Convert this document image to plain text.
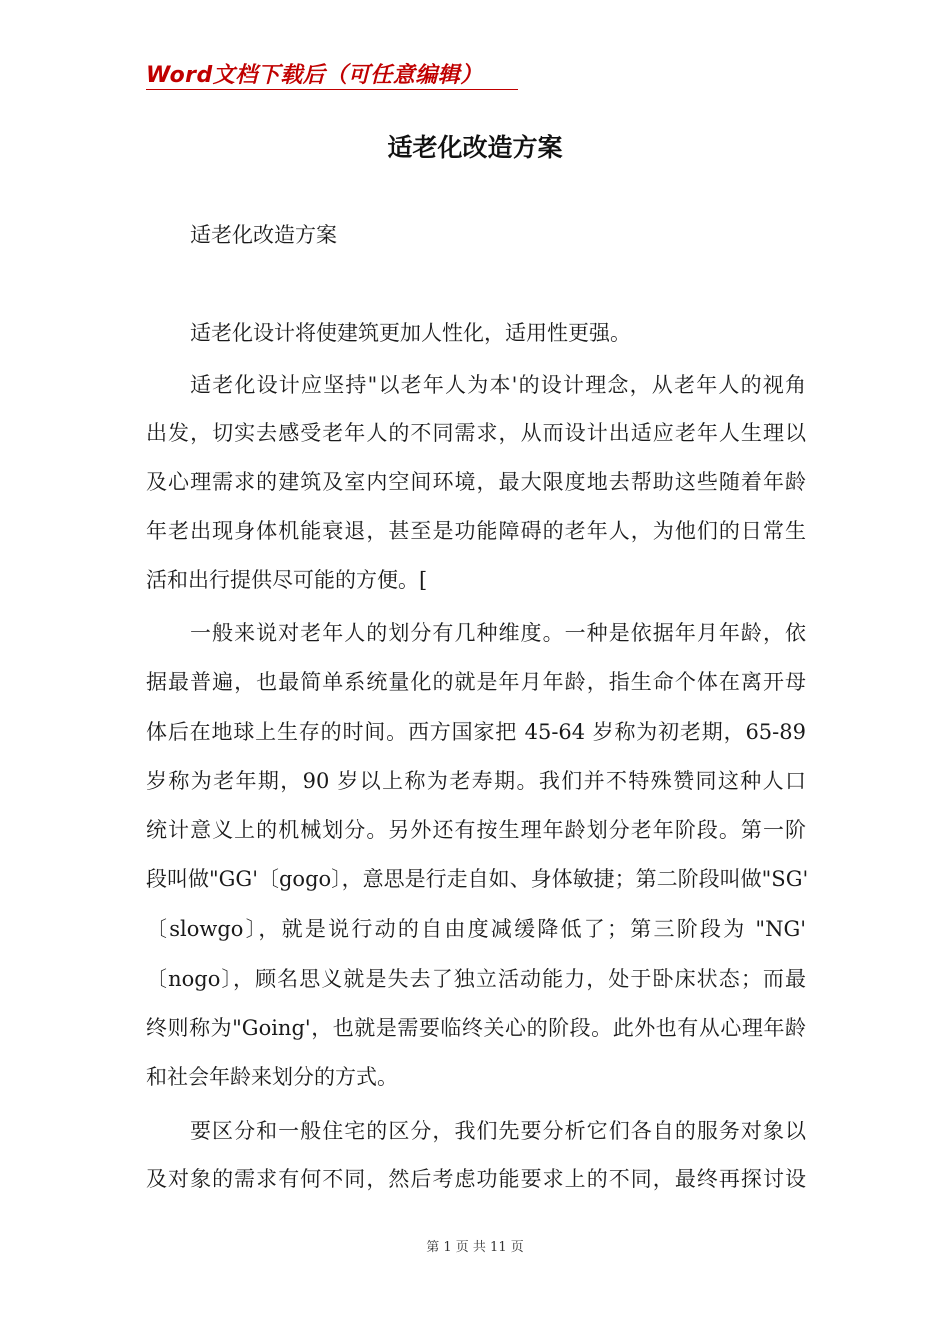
Word文档下载后（可任意编辑）
适老化改造方案
适老化改造方案
适老化设计将使建筑更加人性化，适用性更强。
适老化设计应坚持"以老年人为本'的设计理念，从老年人的视角
出发，切实去感受老年人的不同需求，从而设计出适应老年人生理以
及心理需求的建筑及室内空间环境，最大限度地去帮助这些随着年龄
年老出现身体机能衰退，甚至是功能障碍的老年人，为他们的日常生
活和出行提供尽可能的方便。[
一般来说对老年人的划分有几种维度。一种是依据年月年龄，依
据最普遍，也最简单系统量化的就是年月年龄，指生命个体在离开母
体后在地球上生存的时间。西方国家把 45-64 岁称为初老期，65-89
岁称为老年期，90 岁以上称为老寿期。我们并不特殊赞同这种人口
统计意义上的机械划分。另外还有按生理年龄划分老年阶段。第一阶
段叫做"GG'〔gogo〕，意思是行走自如、身体敏捷；第二阶段叫做"SG'
〔slowgo〕，就是说行动的自由度减缓降低了；第三阶段为 "NG'
〔nogo〕，顾名思义就是失去了独立活动能力，处于卧床状态；而最
终则称为"Going'，也就是需要临终关心的阶段。此外也有从心理年龄
和社会年龄来划分的方式。
要区分和一般住宅的区分，我们先要分析它们各自的服务对象以
及对象的需求有何不同，然后考虑功能要求上的不同，最终再探讨设
第 1 页 共 11 页
